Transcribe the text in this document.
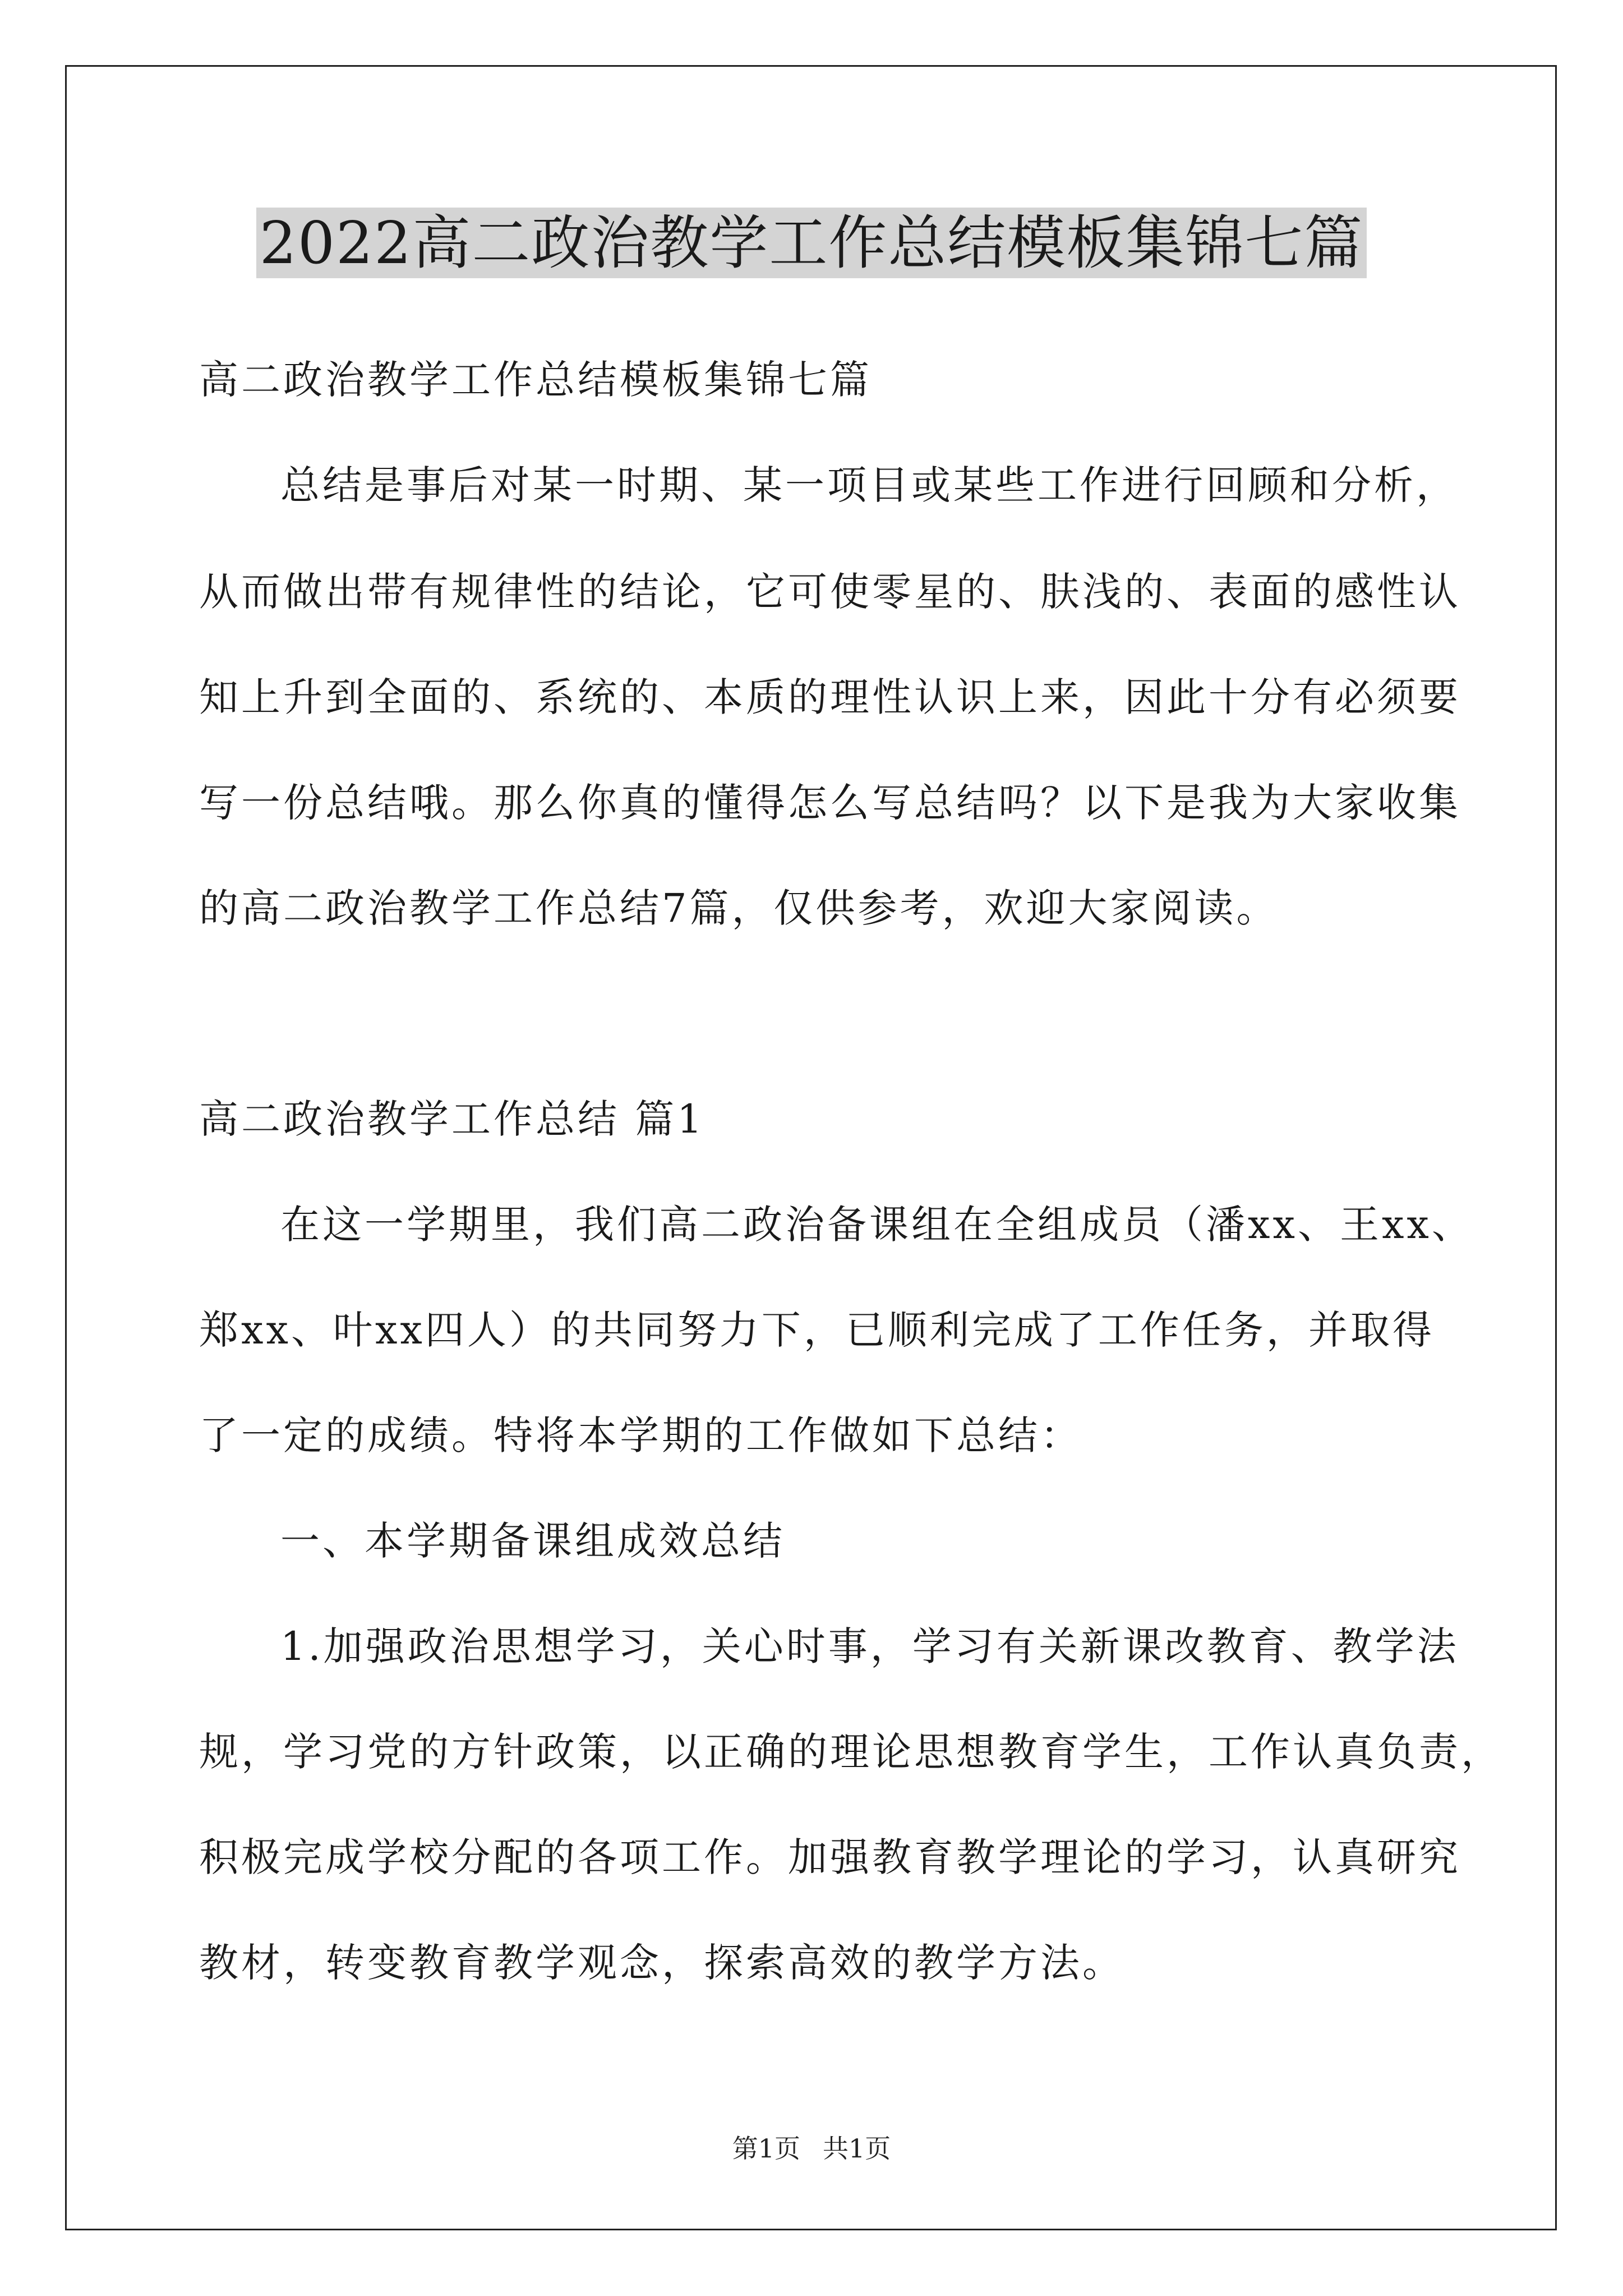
2022高二政治教学工作总结模板集锦七篇
高二政治教学工作总结模板集锦七篇
总结是事后对某一时期、某一项目或某些工作进行回顾和分析，
从而做出带有规律性的结论，它可使零星的、肤浅的、表面的感性认
知上升到全面的、系统的、本质的理性认识上来，因此十分有必须要
写一份总结哦。那么你真的懂得怎么写总结吗？以下是我为大家收集
的高二政治教学工作总结7篇，仅供参考，欢迎大家阅读。
高二政治教学工作总结 篇1
在这一学期里，我们高二政治备课组在全组成员（潘xx、王xx、
郑xx、叶xx四人）的共同努力下，已顺利完成了工作任务，并取得
了一定的成绩。特将本学期的工作做如下总结：
一、本学期备课组成效总结
1.加强政治思想学习，关心时事，学习有关新课改教育、教学法
规，学习党的方针政策，以正确的理论思想教育学生，工作认真负责，
积极完成学校分配的各项工作。加强教育教学理论的学习，认真研究
教材，转变教育教学观念，探索高效的教学方法。
第1页 共1页
